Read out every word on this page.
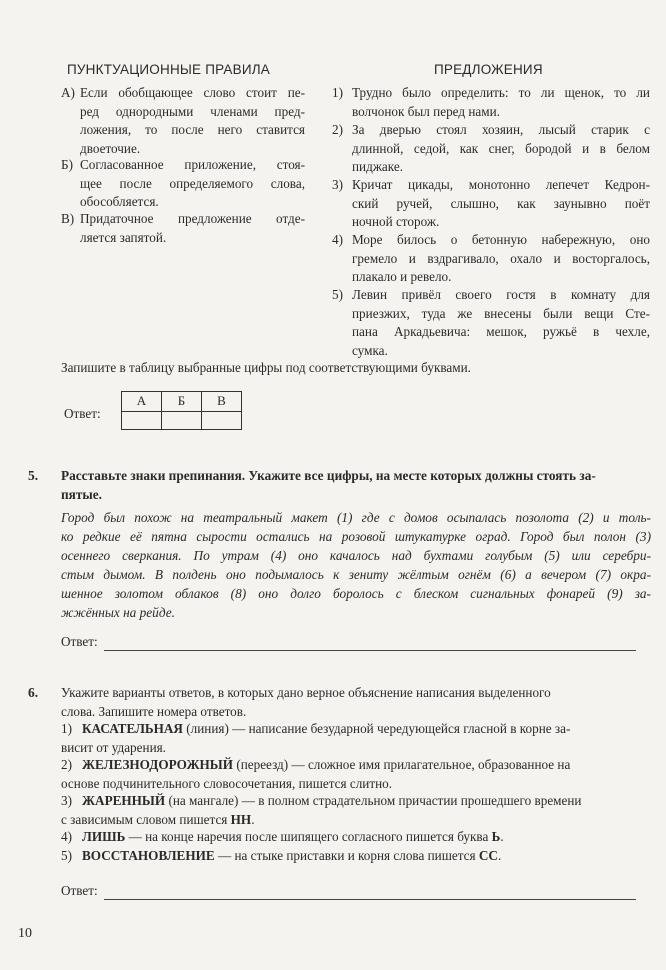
ПУНКТУАЦИОННЫЕ ПРАВИЛА	ПРЕДЛОЖЕНИЯ
А) Если обобщающее слово стоит пе-
ред однородными членами пред-
ложения, то после него ставится
двоеточие.
Б) Согласованное приложение, стоя-
щее после определяемого слова,
обособляется.
В) Придаточное предложение отде-
ляется запятой.
1) Трудно было определить: то ли щенок, то ли
волчонок был перед нами.
2) За дверью стоял хозяин, лысый старик с
длинной, седой, как снег, бородой и в белом
пиджаке.
3) Кричат цикады, монотонно лепечет Кедрон-
ский ручей, слышно, как заунывно поёт
ночной сторож.
4) Море билось о бетонную набережную, оно
гремело и вздрагивало, охало и восторгалось,
плакало и ревело.
5) Левин привёл своего гостя в комнату для
приезжих, туда же внесены были вещи Сте-
пана Аркадьевича: мешок, ружьё в чехле,
сумка.
Запишите в таблицу выбранные цифры под соответствующими буквами.
Ответ:
А	Б	В

5. Расставьте знаки препинания. Укажите все цифры, на месте которых должны стоять за-
пятые.
Город был похож на театральный макет (1) где с домов осыпалась позолота (2) и толь-
ко редкие её пятна сырости остались на розовой штукатурке оград. Город был полон (3)
осеннего сверкания. По утрам (4) оно качалось над бухтами голубым (5) или серебри-
стым дымом. В полдень оно подымалось к зениту жёлтым огнём (6) а вечером (7) окра-
шенное золотом облаков (8) оно долго боролось с блеском сигнальных фонарей (9) за-
жжённых на рейде.
Ответ:
6. Укажите варианты ответов, в которых дано верное объяснение написания выделенного
слова. Запишите номера ответов.
1) КАСАТЕЛЬНАЯ (линия) — написание безударной чередующейся гласной в корне за-
висит от ударения.
2) ЖЕЛЕЗНОДОРОЖНЫЙ (переезд) — сложное имя прилагательное, образованное на
основе подчинительного словосочетания, пишется слитно.
3) ЖАРЕННЫЙ (на мангале) — в полном страдательном причастии прошедшего времени
с зависимым словом пишется НН.
4) ЛИШЬ — на конце наречия после шипящего согласного пишется буква Ь.
5) ВОССТАНОВЛЕНИЕ — на стыке приставки и корня слова пишется СС.
Ответ:
10
